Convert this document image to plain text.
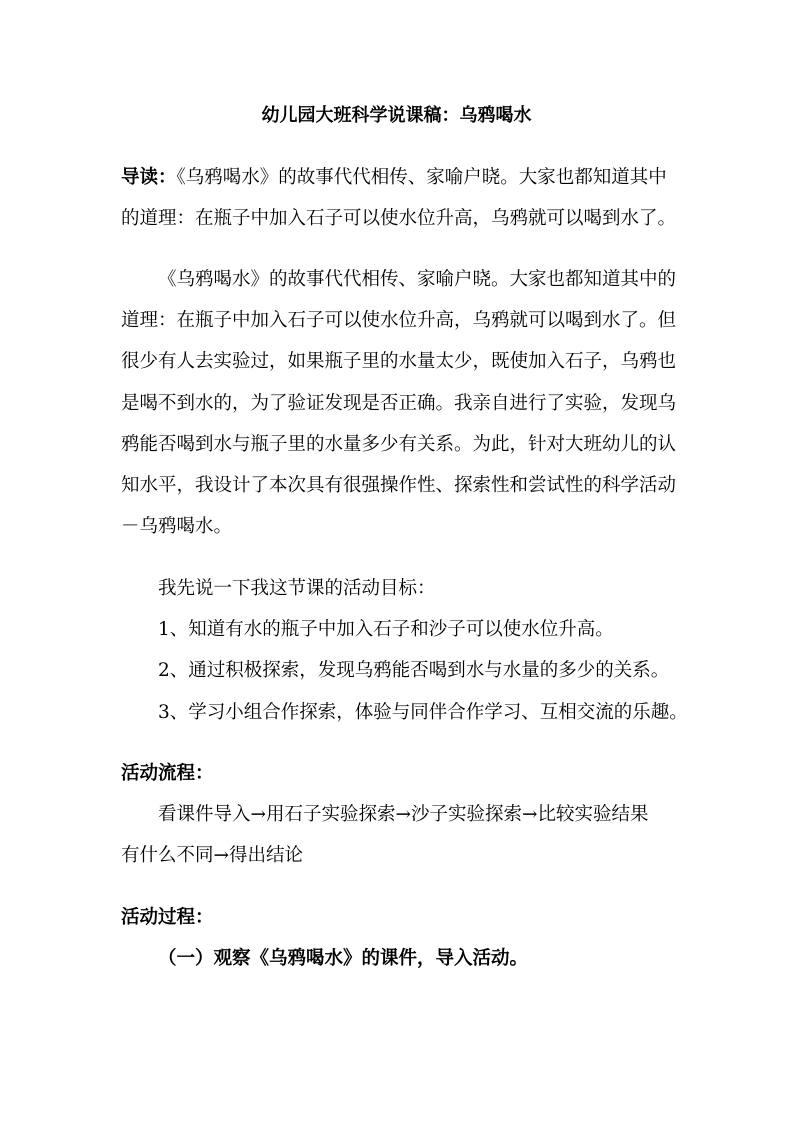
幼儿园大班科学说课稿：乌鸦喝水
导读：《乌鸦喝水》的故事代代相传、家喻户晓。大家也都知道其中
的道理：在瓶子中加入石子可以使水位升高，乌鸦就可以喝到水了。
《乌鸦喝水》的故事代代相传、家喻户晓。大家也都知道其中的
道理：在瓶子中加入石子可以使水位升高，乌鸦就可以喝到水了。但
很少有人去实验过，如果瓶子里的水量太少，既使加入石子，乌鸦也
是喝不到水的，为了验证发现是否正确。我亲自进行了实验，发现乌
鸦能否喝到水与瓶子里的水量多少有关系。为此，针对大班幼儿的认
知水平，我设计了本次具有很强操作性、探索性和尝试性的科学活动
－乌鸦喝水。
我先说一下我这节课的活动目标：
1、知道有水的瓶子中加入石子和沙子可以使水位升高。
2、通过积极探索，发现乌鸦能否喝到水与水量的多少的关系。
3、学习小组合作探索，体验与同伴合作学习、互相交流的乐趣。
活动流程：
看课件导入→用石子实验探索→沙子实验探索→比较实验结果
有什么不同→得出结论
活动过程：
（一）观察《乌鸦喝水》的课件，导入活动。
